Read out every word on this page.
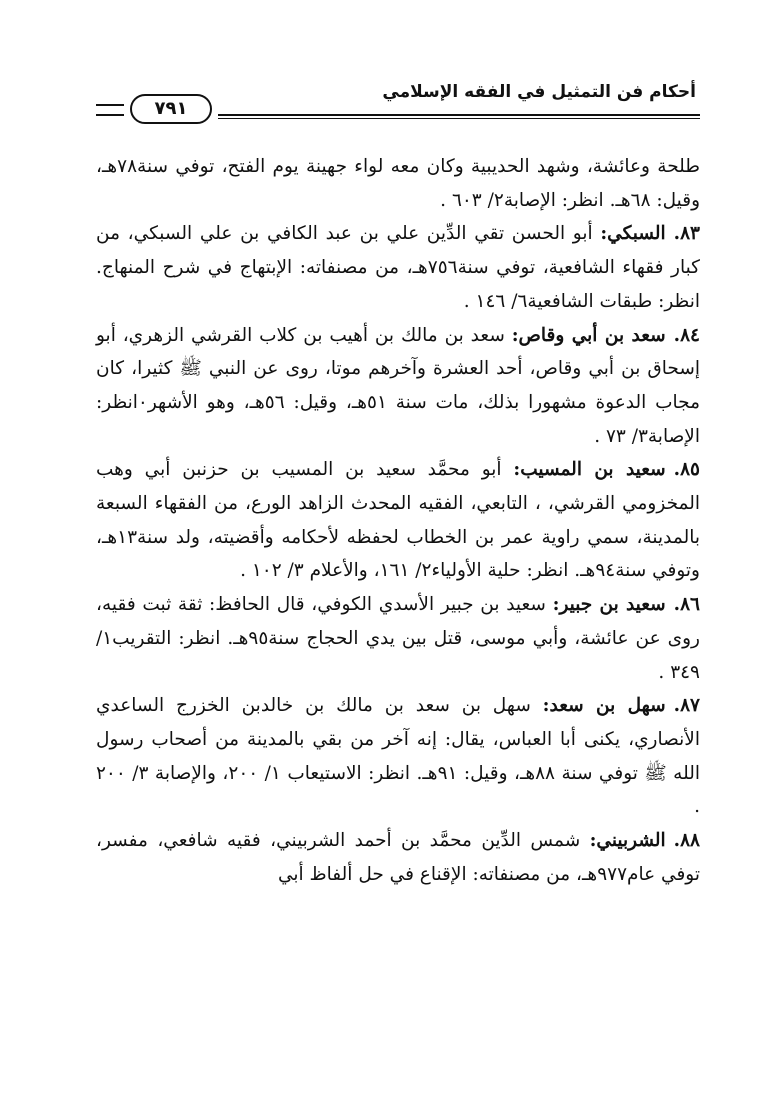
أحكام فن التمثيل في الفقه الإسلامي
٧٩١

طلحة وعائشة، وشهد الحديبية وكان معه لواء جهينة يوم الفتح، توفي سنة٧٨هـ، وقيل: ٦٨هـ. انظر: الإصابة٢/ ٦٠٣ .

٨٣.السبكي: أبو الحسن تقي الدِّين علي بن عبد الكافي بن علي السبكي، من كبار فقهاء الشافعية، توفي سنة٧٥٦هـ، من مصنفاته: الإبتهاج في شرح المنهاج. انظر: طبقات الشافعية٦/ ١٤٦ .

٨٤.سعد بن أبي وقاص: سعد بن مالك بن أهيب بن كلاب القرشي الزهري، أبو إسحاق بن أبي وقاص، أحد العشرة وآخرهم موتا، روى عن النبي ﷺ كثيرا، كان مجاب الدعوة مشهورا بذلك، مات سنة ٥١هـ، وقيل: ٥٦هـ، وهو الأشهر٠انظر: الإصابة٣/ ٧٣ .

٨٥.سعيد بن المسيب: أبو محمَّد سعيد بن المسيب بن حزنبن أبي وهب المخزومي القرشي، ، التابعي، الفقيه المحدث الزاهد الورع، من الفقهاء السبعة بالمدينة، سمي راوية عمر بن الخطاب لحفظه لأحكامه وأقضيته، ولد سنة١٣هـ، وتوفي سنة٩٤هـ. انظر: حلية الأولياء٢/ ١٦١، والأعلام ٣/ ١٠٢ .

٨٦.سعيد بن جبير: سعيد بن جبير الأسدي الكوفي، قال الحافظ: ثقة ثبت فقيه، روى عن عائشة، وأبي موسى، قتل بين يدي الحجاج سنة٩٥هـ. انظر: التقريب١/ ٣٤٩ .

٨٧.سهل بن سعد: سهل بن سعد بن مالك بن خالدبن الخزرج الساعدي الأنصاري، يكنى أبا العباس، يقال: إنه آخر من بقي بالمدينة من أصحاب رسول الله ﷺ توفي سنة ٨٨هـ، وقيل: ٩١هـ. انظر: الاستيعاب ١/ ٢٠٠، والإصابة ٣/ ٢٠٠ .

٨٨.الشربيني: شمس الدِّين محمَّد بن أحمد الشربيني، فقيه شافعي، مفسر، توفي عام٩٧٧هـ، من مصنفاته: الإقناع في حل ألفاظ أبي
